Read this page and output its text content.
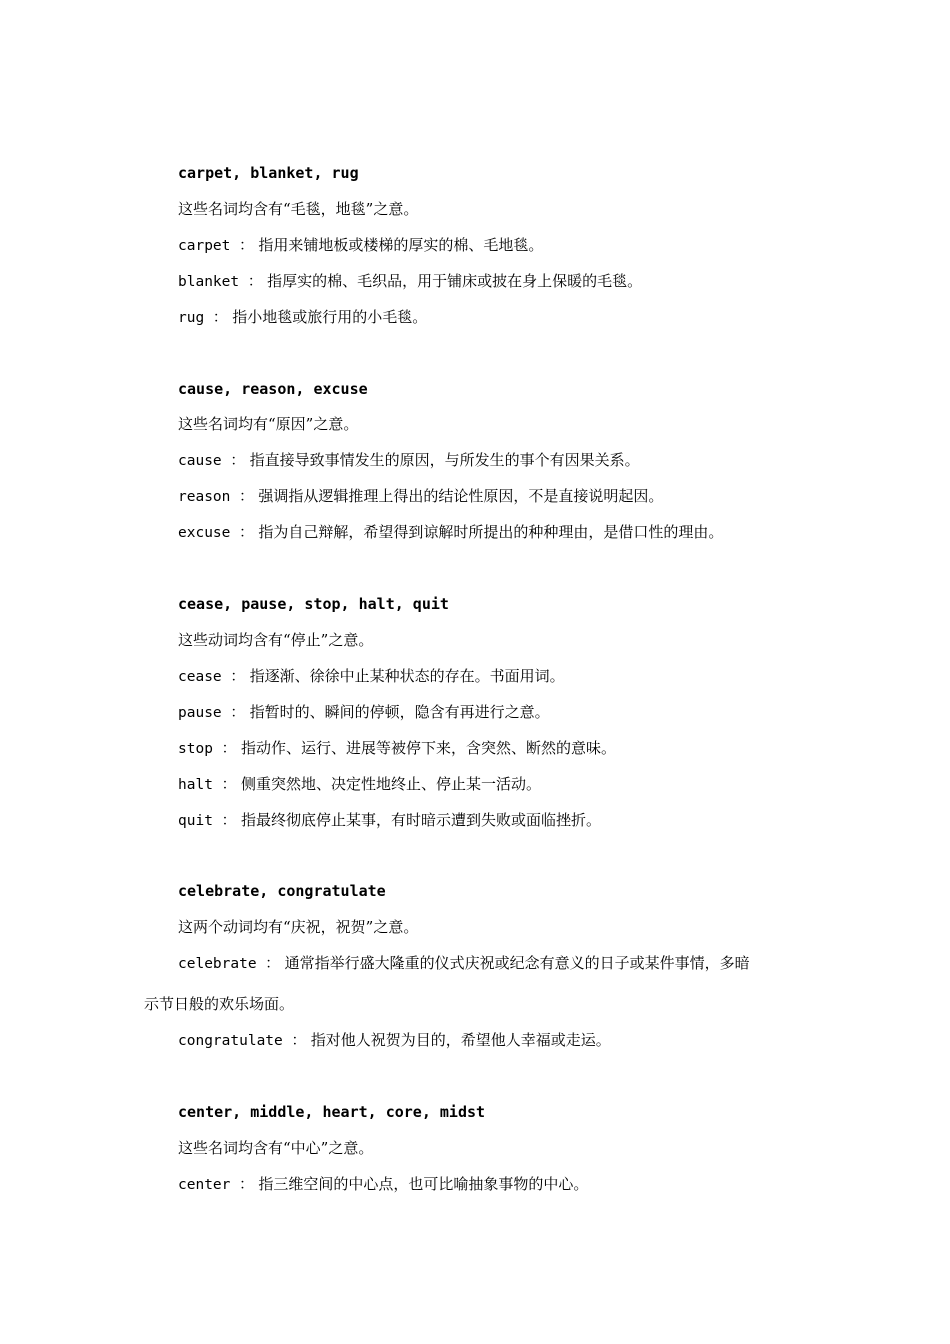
carpet, blanket, rug
这些名词均含有“毛毯，地毯”之意。
carpet ： 指用来铺地板或楼梯的厚实的棉、毛地毯。
blanket ： 指厚实的棉、毛织品，用于铺床或披在身上保暖的毛毯。
rug ： 指小地毯或旅行用的小毛毯。
cause, reason, excuse
这些名词均有“原因”之意。
cause ： 指直接导致事情发生的原因，与所发生的事个有因果关系。
reason ： 强调指从逻辑推理上得出的结论性原因，不是直接说明起因。
excuse ： 指为自己辩解，希望得到谅解时所提出的种种理由，是借口性的理由。
cease, pause, stop, halt, quit
这些动词均含有“停止”之意。
cease ： 指逐渐、徐徐中止某种状态的存在。书面用词。
pause ： 指暂时的、瞬间的停顿，隐含有再进行之意。
stop ： 指动作、运行、进展等被停下来，含突然、断然的意味。
halt ： 侧重突然地、决定性地终止、停止某一活动。
quit ： 指最终彻底停止某事，有时暗示遭到失败或面临挫折。
celebrate, congratulate
这两个动词均有“庆祝，祝贺”之意。
celebrate ： 通常指举行盛大隆重的仪式庆祝或纪念有意义的日子或某件事情，多暗
示节日般的欢乐场面。
congratulate ： 指对他人祝贺为目的，希望他人幸福或走运。
center, middle, heart, core, midst
这些名词均含有“中心”之意。
center ： 指三维空间的中心点，也可比喻抽象事物的中心。
